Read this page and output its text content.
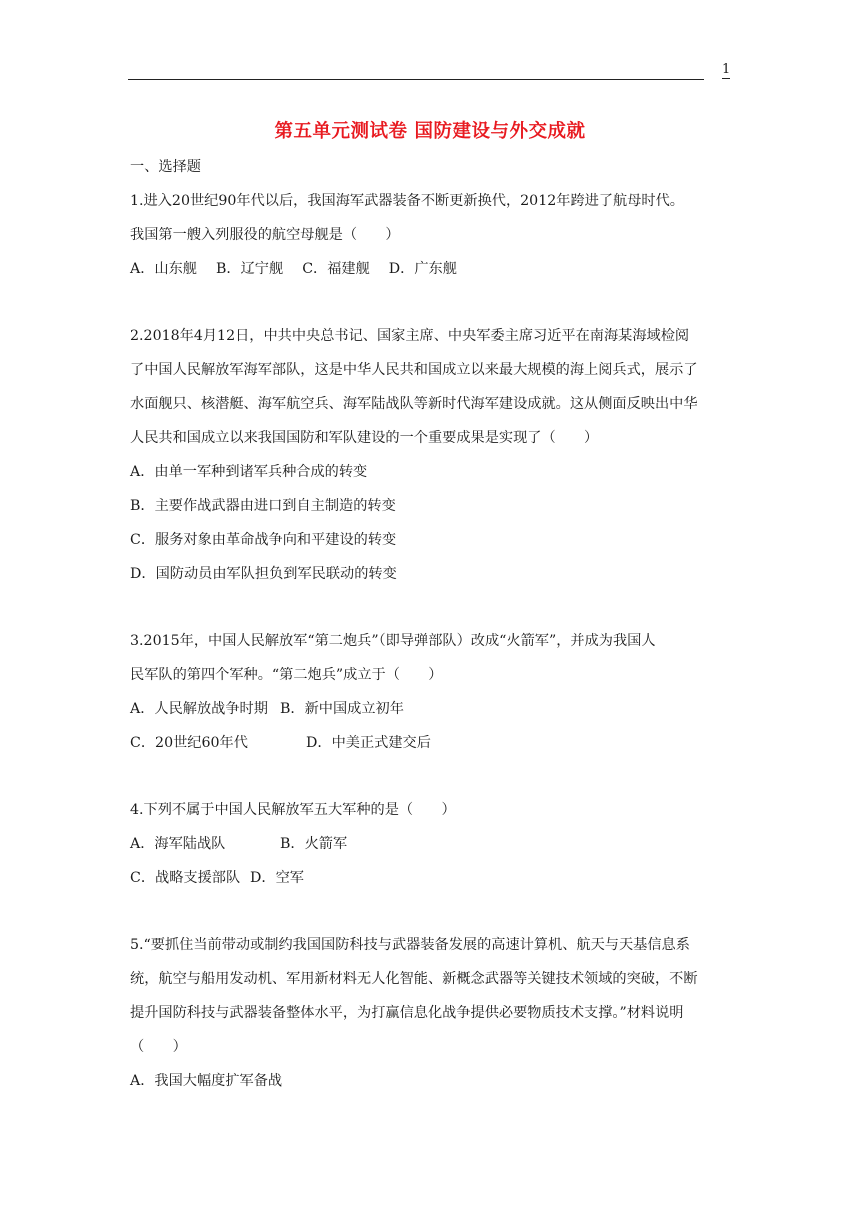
1
第五单元测试卷 国防建设与外交成就
一、选择题
1.进入20世纪90年代以后，我国海军武器装备不断更新换代，2012年跨进了航母时代。
我国第一艘入列服役的航空母舰是（　　）
A．山东舰 B．辽宁舰 C．福建舰 D．广东舰
2.2018年4月12日，中共中央总书记、国家主席、中央军委主席习近平在南海某海域检阅
了中国人民解放军海军部队，这是中华人民共和国成立以来最大规模的海上阅兵式，展示了
水面舰只、核潜艇、海军航空兵、海军陆战队等新时代海军建设成就。这从侧面反映出中华
人民共和国成立以来我国国防和军队建设的一个重要成果是实现了（　　）
A．由单一军种到诸军兵种合成的转变
B．主要作战武器由进口到自主制造的转变
C．服务对象由革命战争向和平建设的转变
D．国防动员由军队担负到军民联动的转变
3.2015年，中国人民解放军“第二炮兵”（即导弹部队）改成“火箭军”，并成为我国人
民军队的第四个军种。“第二炮兵”成立于（　　）
A．人民解放战争时期 B．新中国成立初年
C．20世纪60年代	D．中美正式建交后
4.下列不属于中国人民解放军五大军种的是（　　）
A．海军陆战队	B．火箭军
C．战略支援部队 D．空军
5.“要抓住当前带动或制约我国国防科技与武器装备发展的高速计算机、航天与天基信息系
统，航空与船用发动机、军用新材料无人化智能、新概念武器等关键技术领域的突破，不断
提升国防科技与武器装备整体水平，为打赢信息化战争提供必要物质技术支撑。”材料说明
（　　）
A．我国大幅度扩军备战
